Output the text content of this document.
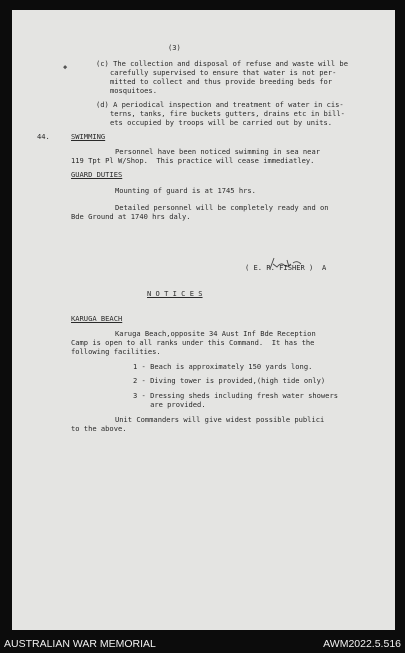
(3)
◆	(c) The collection and disposal of refuse and waste will be
carefully supervised to ensure that water is not per-
mitted to collect and thus provide breeding beds for
mosquitoes.
(d) A periodical inspection and treatment of water in cis-
terns, tanks, fire buckets gutters, drains etc in bill-
ets occupied by troops will be carried out by units.
44.	SWIMMING
Personnel have been noticed swimming in sea near
119 Tpt Pl W/Shop.  This practice will cease immediatley.
GUARD DUTIES
Mounting of guard is at 1745 hrs.
Detailed personnel will be completely ready and on
Bde Ground at 1740 hrs daly.
( E. R. FISHER ) A
N O T I C E S
KARUGA BEACH
Karuga Beach,opposite 34 Aust Inf Bde Reception
Camp is open to all ranks under this Command.  It has the
following facilities.
1 - Beach is approximately 150 yards long.
2 - Diving tower is provided,(high tide only)
3 - Dressing sheds including fresh water showers
are provided.
Unit Commanders will give widest possible publici
to the above.
AUSTRALIAN WAR MEMORIAL	AWM2022.5.516
